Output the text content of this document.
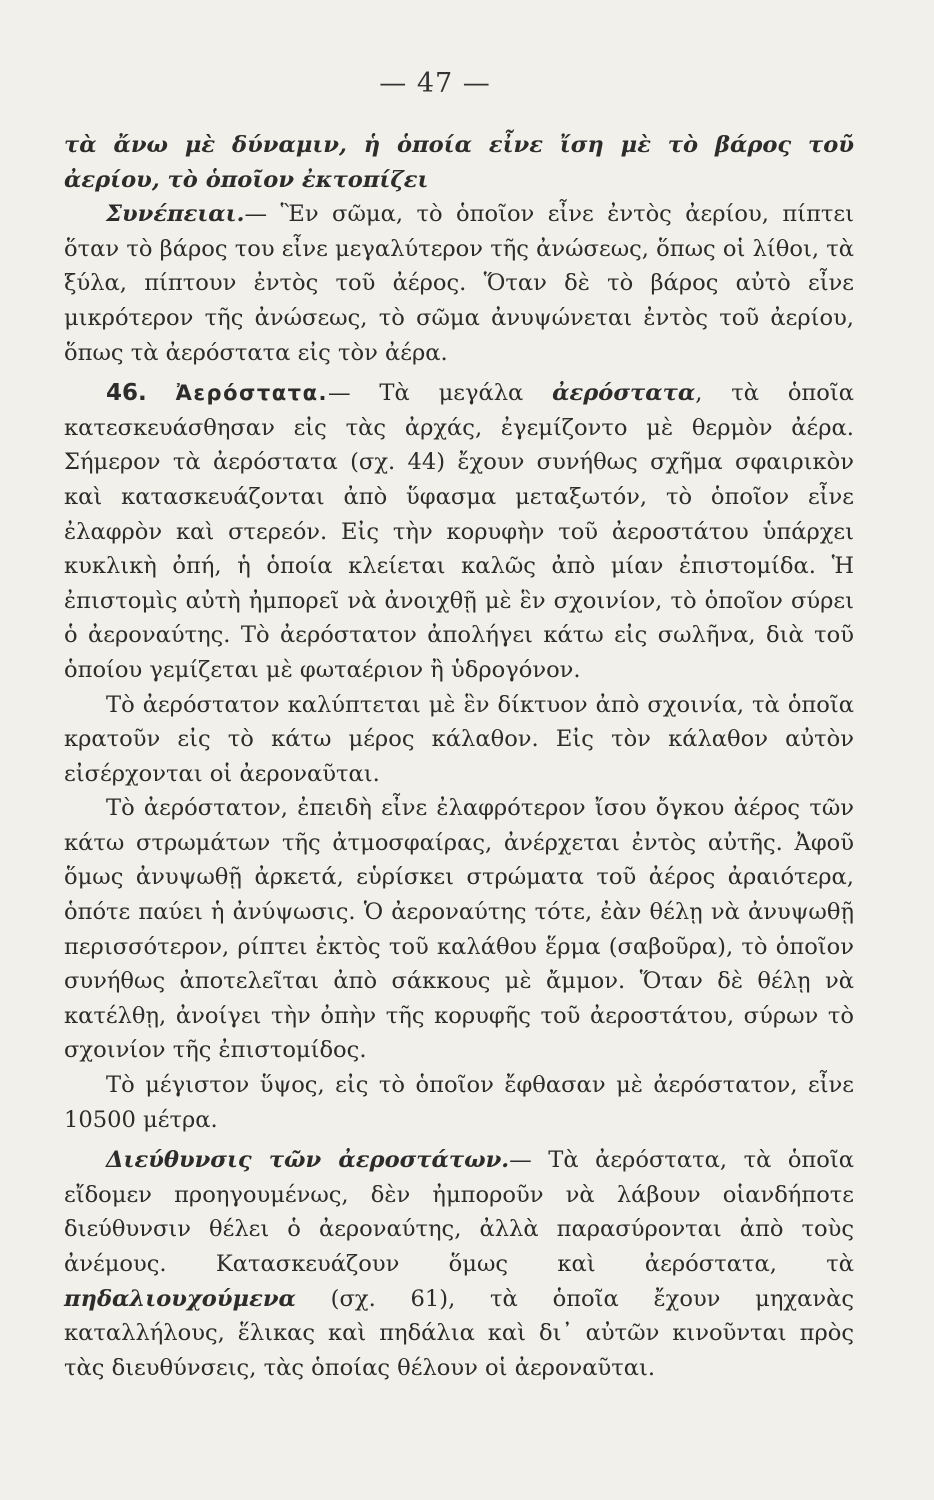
— 47 —

τὰ ἄνω μὲ δύναμιν, ἡ ὁποία εἶνε ἴση μὲ τὸ βάρος τοῦ ἀερίου, τὸ ὁποῖον ἐκτοπίζει

Συνέπειαι.— Ἓν σῶμα, τὸ ὁποῖον εἶνε ἐντὸς ἀερίου, πίπτει ὅταν τὸ βάρος του εἶνε μεγαλύτερον τῆς ἀνώσεως, ὅπως οἱ λίθοι, τὰ ξύλα, πίπτουν ἐντὸς τοῦ ἀέρος. Ὅταν δὲ τὸ βάρος αὐτὸ εἶνε μικρότερον τῆς ἀνώσεως, τὸ σῶμα ἀνυψώνεται ἐντὸς τοῦ ἀερίου, ὅπως τὰ ἀερόστατα εἰς τὸν ἀέρα.

46. Ἀερόστατα.— Τὰ μεγάλα ἀερόστατα, τὰ ὁποῖα κατεσκευάσθησαν εἰς τὰς ἀρχάς, ἐγεμίζοντο μὲ θερμὸν ἀέρα. Σήμερον τὰ ἀερόστατα (σχ. 44) ἔχουν συνήθως σχῆμα σφαιρικὸν καὶ κατασκευάζονται ἀπὸ ὕφασμα μεταξωτόν, τὸ ὁποῖον εἶνε ἐλαφρὸν καὶ στερεόν. Εἰς τὴν κορυφὴν τοῦ ἀεροστάτου ὑπάρχει κυκλικὴ ὀπή, ἡ ὁποία κλείεται καλῶς ἀπὸ μίαν ἐπιστομίδα. Ἡ ἐπιστομὶς αὐτὴ ἠμπορεῖ νὰ ἀνοιχθῇ μὲ ἓν σχοινίον, τὸ ὁποῖον σύρει ὁ ἀεροναύτης. Τὸ ἀερόστατον ἀπολήγει κάτω εἰς σωλῆνα, διὰ τοῦ ὁποίου γεμίζεται μὲ φωταέριον ἢ ὑδρογόνον.

Τὸ ἀερόστατον καλύπτεται μὲ ἓν δίκτυον ἀπὸ σχοινία, τὰ ὁποῖα κρατοῦν εἰς τὸ κάτω μέρος κάλαθον. Εἰς τὸν κάλαθον αὐτὸν εἰσέρχονται οἱ ἀεροναῦται.

Τὸ ἀερόστατον, ἐπειδὴ εἶνε ἐλαφρότερον ἴσου ὄγκου ἀέρος τῶν κάτω στρωμάτων τῆς ἀτμοσφαίρας, ἀνέρχεται ἐντὸς αὐτῆς. Ἀφοῦ ὅμως ἀνυψωθῇ ἀρκετά, εὑρίσκει στρώματα τοῦ ἀέρος ἀραιότερα, ὁπότε παύει ἡ ἀνύψωσις. Ὁ ἀεροναύτης τότε, ἐὰν θέλῃ νὰ ἀνυψωθῇ περισσότερον, ρίπτει ἐκτὸς τοῦ καλάθου ἕρμα (σαβοῦρα), τὸ ὁποῖον συνήθως ἀποτελεῖται ἀπὸ σάκκους μὲ ἄμμον. Ὅταν δὲ θέλῃ νὰ κατέλθῃ, ἀνοίγει τὴν ὀπὴν τῆς κορυφῆς τοῦ ἀεροστάτου, σύρων τὸ σχοινίον τῆς ἐπιστομίδος.

Τὸ μέγιστον ὕψος, εἰς τὸ ὁποῖον ἔφθασαν μὲ ἀερόστατον, εἶνε 10500 μέτρα.

Διεύθυνσις τῶν ἀεροστάτων.— Τὰ ἀερόστατα, τὰ ὁποῖα εἴδομεν προηγουμένως, δὲν ἠμποροῦν νὰ λάβουν οἱανδήποτε διεύθυνσιν θέλει ὁ ἀεροναύτης, ἀλλὰ παρασύρονται ἀπὸ τοὺς ἀνέμους. Κατασκευάζουν ὅμως καὶ ἀερόστατα, τὰ πηδαλιουχούμενα (σχ. 61), τὰ ὁποῖα ἔχουν μηχανὰς καταλλήλους, ἕλικας καὶ πηδάλια καὶ δι᾿ αὐτῶν κινοῦνται πρὸς τὰς διευθύνσεις, τὰς ὁποίας θέλουν οἱ ἀεροναῦται.
